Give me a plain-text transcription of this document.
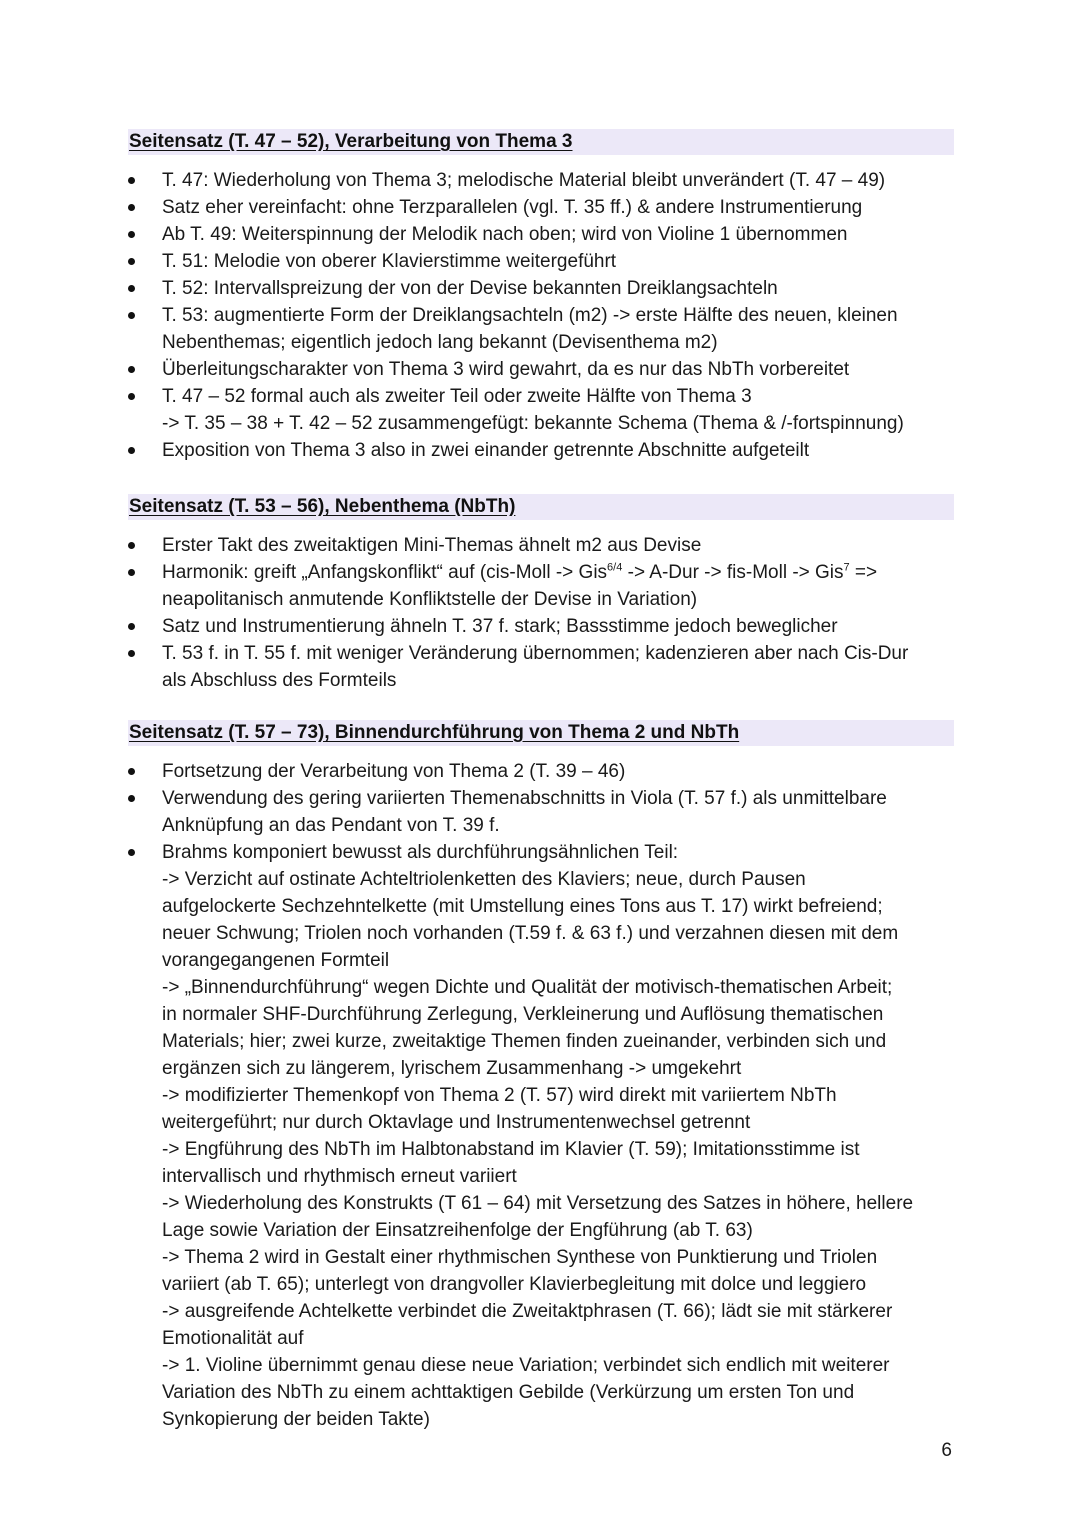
Seitensatz (T. 47 – 52), Verarbeitung von Thema 3
T. 47: Wiederholung von Thema 3; melodische Material bleibt unverändert (T. 47 – 49)
Satz eher vereinfacht: ohne Terzparallelen (vgl. T. 35 ff.) & andere Instrumentierung
Ab T. 49: Weiterspinnung der Melodik nach oben; wird von Violine 1 übernommen
T. 51: Melodie von oberer Klavierstimme weitergeführt
T. 52: Intervallspreizung der von der Devise bekannten Dreiklangsachteln
T. 53: augmentierte Form der Dreiklangsachteln (m2) -> erste Hälfte des neuen, kleinen
Nebenthemas; eigentlich jedoch lang bekannt (Devisenthema m2)
Überleitungscharakter von Thema 3 wird gewahrt, da es nur das NbTh vorbereitet
T. 47 – 52 formal auch als zweiter Teil oder zweite Hälfte von Thema 3
-> T. 35 – 38 + T. 42 – 52 zusammengefügt: bekannte Schema (Thema & /-fortspinnung)
Exposition von Thema 3 also in zwei einander getrennte Abschnitte aufgeteilt
Seitensatz (T. 53 – 56), Nebenthema (NbTh)
Erster Takt des zweitaktigen Mini-Themas ähnelt m2 aus Devise
Harmonik: greift „Anfangskonflikt“ auf (cis-Moll -> Gis$^{6/4}$ -> A-Dur -> fis-Moll -> Gis$^7$ =>
neapolitanisch anmutende Konfliktstelle der Devise in Variation)
Satz und Instrumentierung ähneln T. 37 f. stark; Bassstimme jedoch beweglicher
T. 53 f. in T. 55 f. mit weniger Veränderung übernommen; kadenzieren aber nach Cis-Dur
als Abschluss des Formteils
Seitensatz (T. 57 – 73), Binnendurchführung von Thema 2 und NbTh
Fortsetzung der Verarbeitung von Thema 2 (T. 39 – 46)
Verwendung des gering variierten Themenabschnitts in Viola (T. 57 f.) als unmittelbare
Anknüpfung an das Pendant von T. 39 f.
Brahms komponiert bewusst als durchführungsähnlichen Teil:
-> Verzicht auf ostinate Achteltriolenketten des Klaviers; neue, durch Pausen
aufgelockerte Sechzehntelkette (mit Umstellung eines Tons aus T. 17) wirkt befreiend;
neuer Schwung; Triolen noch vorhanden (T.59 f. & 63 f.) und verzahnen diesen mit dem
vorangegangenen Formteil
-> „Binnendurchführung“ wegen Dichte und Qualität der motivisch-thematischen Arbeit;
in normaler SHF-Durchführung Zerlegung, Verkleinerung und Auflösung thematischen
Materials; hier; zwei kurze, zweitaktige Themen finden zueinander, verbinden sich und
ergänzen sich zu längerem, lyrischem Zusammenhang -> umgekehrt
-> modifizierter Themenkopf von Thema 2 (T. 57) wird direkt mit variiertem NbTh
weitergeführt; nur durch Oktavlage und Instrumentenwechsel getrennt
-> Engführung des NbTh im Halbtonabstand im Klavier (T. 59); Imitationsstimme ist
intervallisch und rhythmisch erneut variiert
-> Wiederholung des Konstrukts (T 61 – 64) mit Versetzung des Satzes in höhere, hellere
Lage sowie Variation der Einsatzreihenfolge der Engführung (ab T. 63)
-> Thema 2 wird in Gestalt einer rhythmischen Synthese von Punktierung und Triolen
variiert (ab T. 65); unterlegt von drangvoller Klavierbegleitung mit dolce und leggiero
-> ausgreifende Achtelkette verbindet die Zweitaktphrasen (T. 66); lädt sie mit stärkerer
Emotionalität auf
-> 1. Violine übernimmt genau diese neue Variation; verbindet sich endlich mit weiterer
Variation des NbTh zu einem achttaktigen Gebilde (Verkürzung um ersten Ton und
Synkopierung der beiden Takte)
6
